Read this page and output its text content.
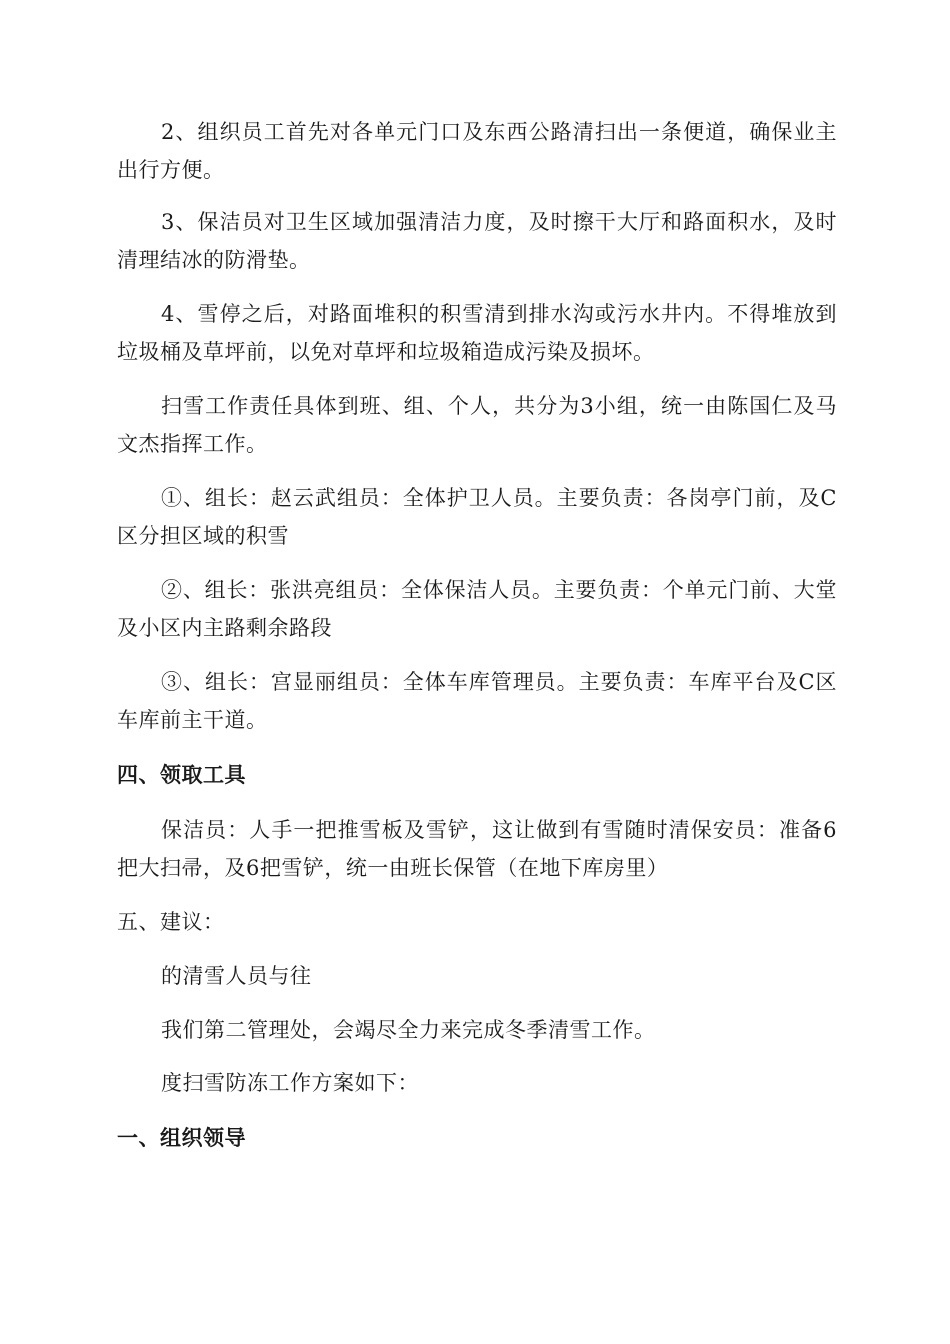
2、组织员工首先对各单元门口及东西公路清扫出一条便道，确保业主出行方便。

3、保洁员对卫生区域加强清洁力度，及时擦干大厅和路面积水，及时清理结冰的防滑垫。

4、雪停之后，对路面堆积的积雪清到排水沟或污水井内。不得堆放到垃圾桶及草坪前，以免对草坪和垃圾箱造成污染及损坏。

扫雪工作责任具体到班、组、个人，共分为3小组，统一由陈国仁及马文杰指挥工作。

①、组长：赵云武组员：全体护卫人员。主要负责：各岗亭门前，及C区分担区域的积雪

②、组长：张洪亮组员：全体保洁人员。主要负责：个单元门前、大堂及小区内主路剩余路段

③、组长：宫显丽组员：全体车库管理员。主要负责：车库平台及C区车库前主干道。

四、领取工具

保洁员：人手一把推雪板及雪铲，这让做到有雪随时清保安员：准备6把大扫帚，及6把雪铲，统一由班长保管（在地下库房里）

五、建议：

的清雪人员与往

我们第二管理处，会竭尽全力来完成冬季清雪工作。

度扫雪防冻工作方案如下：

一、组织领导
